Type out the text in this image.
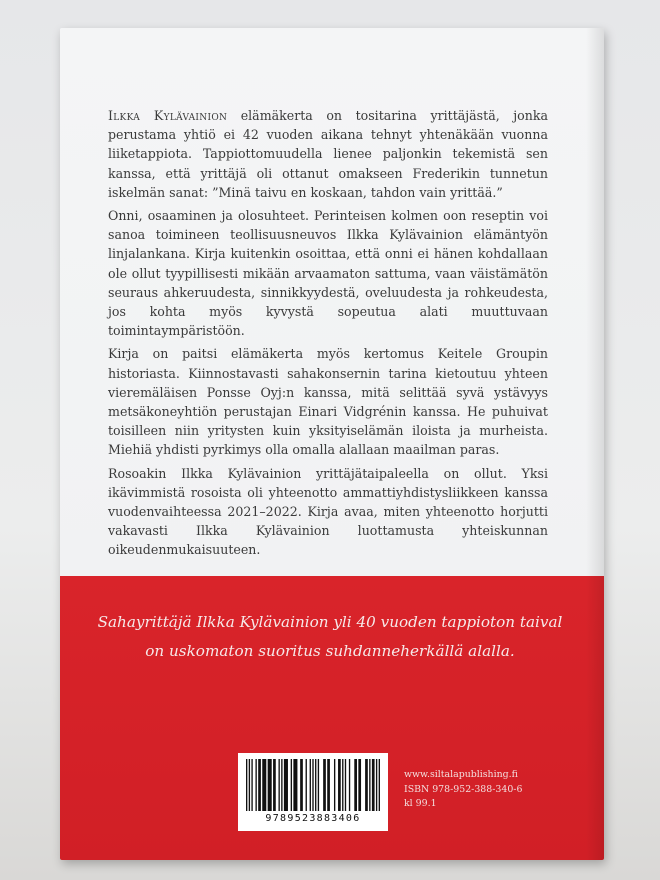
Ilkka Kylävainion elämäkerta on tositarina yrittäjästä, jonka perustama yhtiö ei 42 vuoden aikana tehnyt yhtenäkään vuonna liiketappiota. Tappiottomuudella lienee paljonkin tekemistä sen kanssa, että yrittäjä oli ottanut omakseen Frederikin tunnetun iskelmän sanat: ”Minä taivu en koskaan, tahdon vain yrittää.”

Onni, osaaminen ja olosuhteet. Perinteisen kolmen oon reseptin voi sanoa toimineen teollisuusneuvos Ilkka Kylävainion elämäntyön linjalankana. Kirja kuitenkin osoittaa, että onni ei hänen kohdallaan ole ollut tyypillisesti mikään arvaamaton sattuma, vaan väistämätön seuraus ahkeruudesta, sinnikkyydestä, oveluudesta ja rohkeudesta, jos kohta myös kyvystä sopeutua alati muuttuvaan toimintaympäristöön.

Kirja on paitsi elämäkerta myös kertomus Keitele Groupin historiasta. Kiinnostavasti sahakonsernin tarina kietoutuu yhteen vieremäläisen Ponsse Oyj:n kanssa, mitä selittää syvä ystävyys metsäkoneyhtiön perustajan Einari Vidgrénin kanssa. He puhuivat toisilleen niin yritysten kuin yksityiselämän iloista ja murheista. Miehiä yhdisti pyrkimys olla omalla alallaan maailman paras.

Rosoakin Ilkka Kylävainion yrittäjätaipaleella on ollut. Yksi ikävimmistä rosoista oli yhteenotto ammattiyhdistysliikkeen kanssa vuodenvaihteessa 2021–2022. Kirja avaa, miten yhteenotto horjutti vakavasti Ilkka Kylävainion luottamusta yhteiskunnan oikeudenmukaisuuteen.

Sahayrittäjä Ilkka Kylävainion yli 40 vuoden tappioton taival on uskomaton suoritus suhdanneherkällä alalla.
9789523883406
www.siltalapublishing.fi
ISBN 978-952-388-340-6
kl 99.1
